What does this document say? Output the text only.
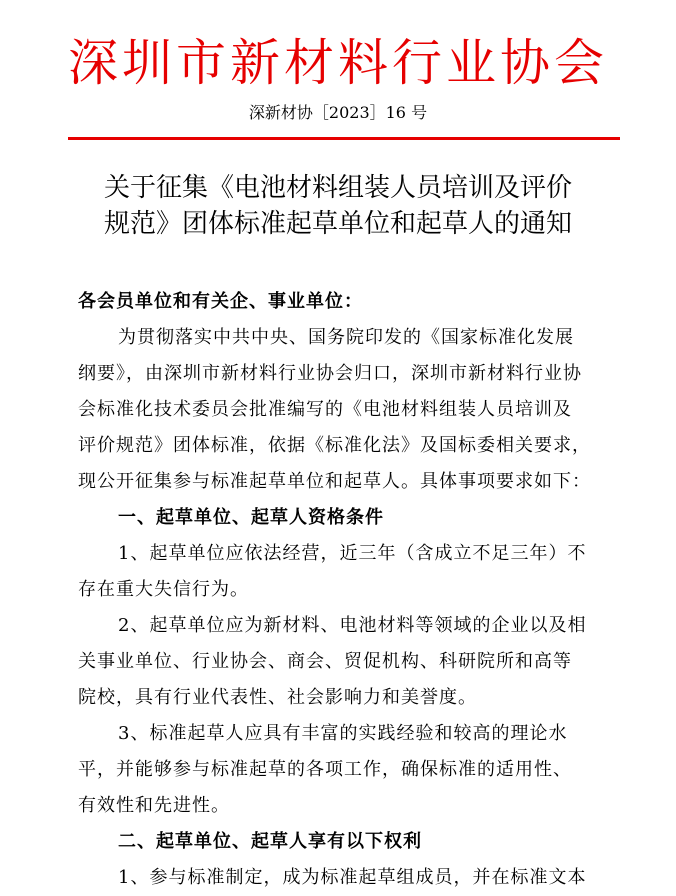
深圳市新材料行业协会
深新材协［2023］16 号
关于征集《电池材料组装人员培训及评价
规范》团体标准起草单位和起草人的通知
各会员单位和有关企、事业单位：
为贯彻落实中共中央、国务院印发的《国家标准化发展
纲要》，由深圳市新材料行业协会归口，深圳市新材料行业协
会标准化技术委员会批准编写的《电池材料组装人员培训及
评价规范》团体标准，依据《标准化法》及国标委相关要求，
现公开征集参与标准起草单位和起草人。具体事项要求如下：
一、起草单位、起草人资格条件
1、起草单位应依法经营，近三年（含成立不足三年）不
存在重大失信行为。
2、起草单位应为新材料、电池材料等领域的企业以及相
关事业单位、行业协会、商会、贸促机构、科研院所和高等
院校，具有行业代表性、社会影响力和美誉度。
3、标准起草人应具有丰富的实践经验和较高的理论水
平，并能够参与标准起草的各项工作，确保标准的适用性、
有效性和先进性。
二、起草单位、起草人享有以下权利
1、参与标准制定，成为标准起草组成员，并在标准文本
